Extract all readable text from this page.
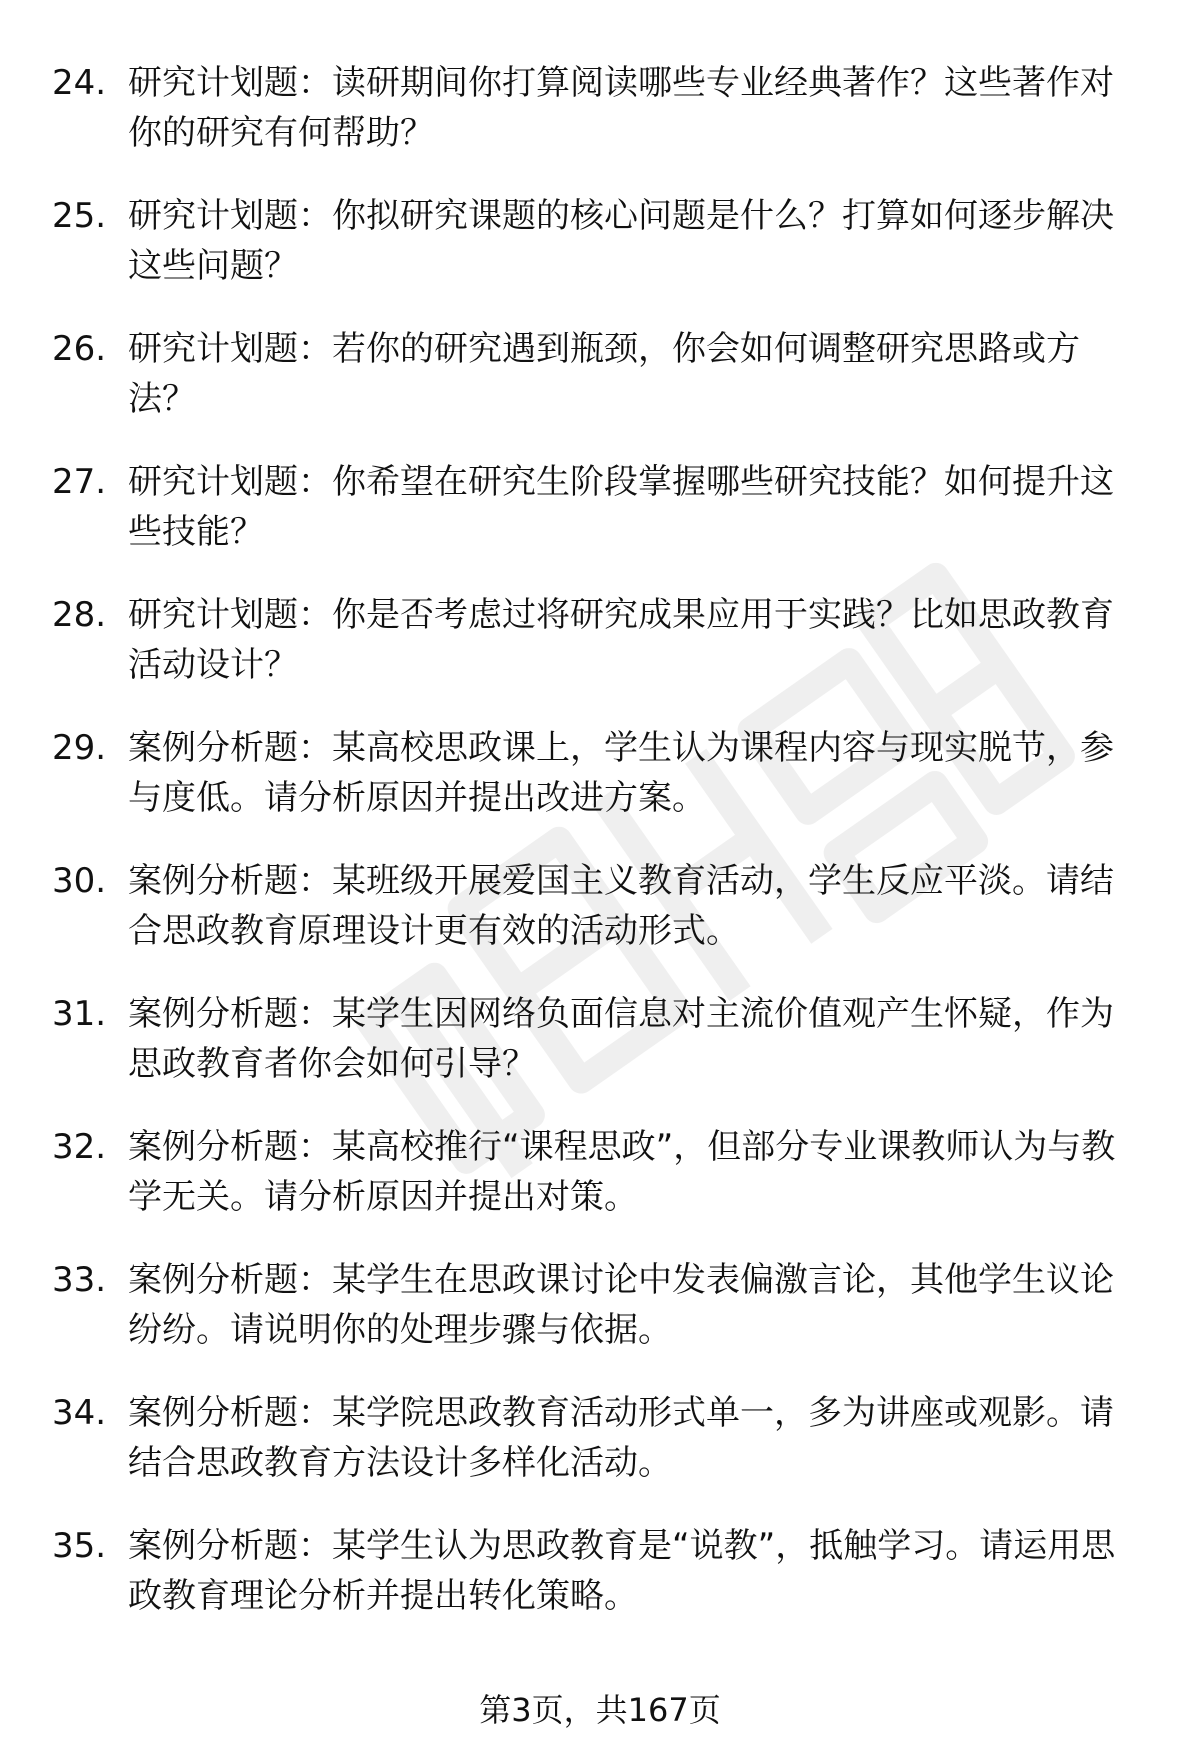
24. 研究计划题：读研期间你打算阅读哪些专业经典著作？这些著作对你的研究有何帮助？
25. 研究计划题：你拟研究课题的核心问题是什么？打算如何逐步解决这些问题？
26. 研究计划题：若你的研究遇到瓶颈，你会如何调整研究思路或方法？
27. 研究计划题：你希望在研究生阶段掌握哪些研究技能？如何提升这些技能？
28. 研究计划题：你是否考虑过将研究成果应用于实践？比如思政教育活动设计？
29. 案例分析题：某高校思政课上，学生认为课程内容与现实脱节，参与度低。请分析原因并提出改进方案。
30. 案例分析题：某班级开展爱国主义教育活动，学生反应平淡。请结合思政教育原理设计更有效的活动形式。
31. 案例分析题：某学生因网络负面信息对主流价值观产生怀疑，作为思政教育者你会如何引导？
32. 案例分析题：某高校推行“课程思政”，但部分专业课教师认为与教学无关。请分析原因并提出对策。
33. 案例分析题：某学生在思政课讨论中发表偏激言论，其他学生议论纷纷。请说明你的处理步骤与依据。
34. 案例分析题：某学院思政教育活动形式单一，多为讲座或观影。请结合思政教育方法设计多样化活动。
35. 案例分析题：某学生认为思政教育是“说教”，抵触学习。请运用思政教育理论分析并提出转化策略。
第3页，共167页
